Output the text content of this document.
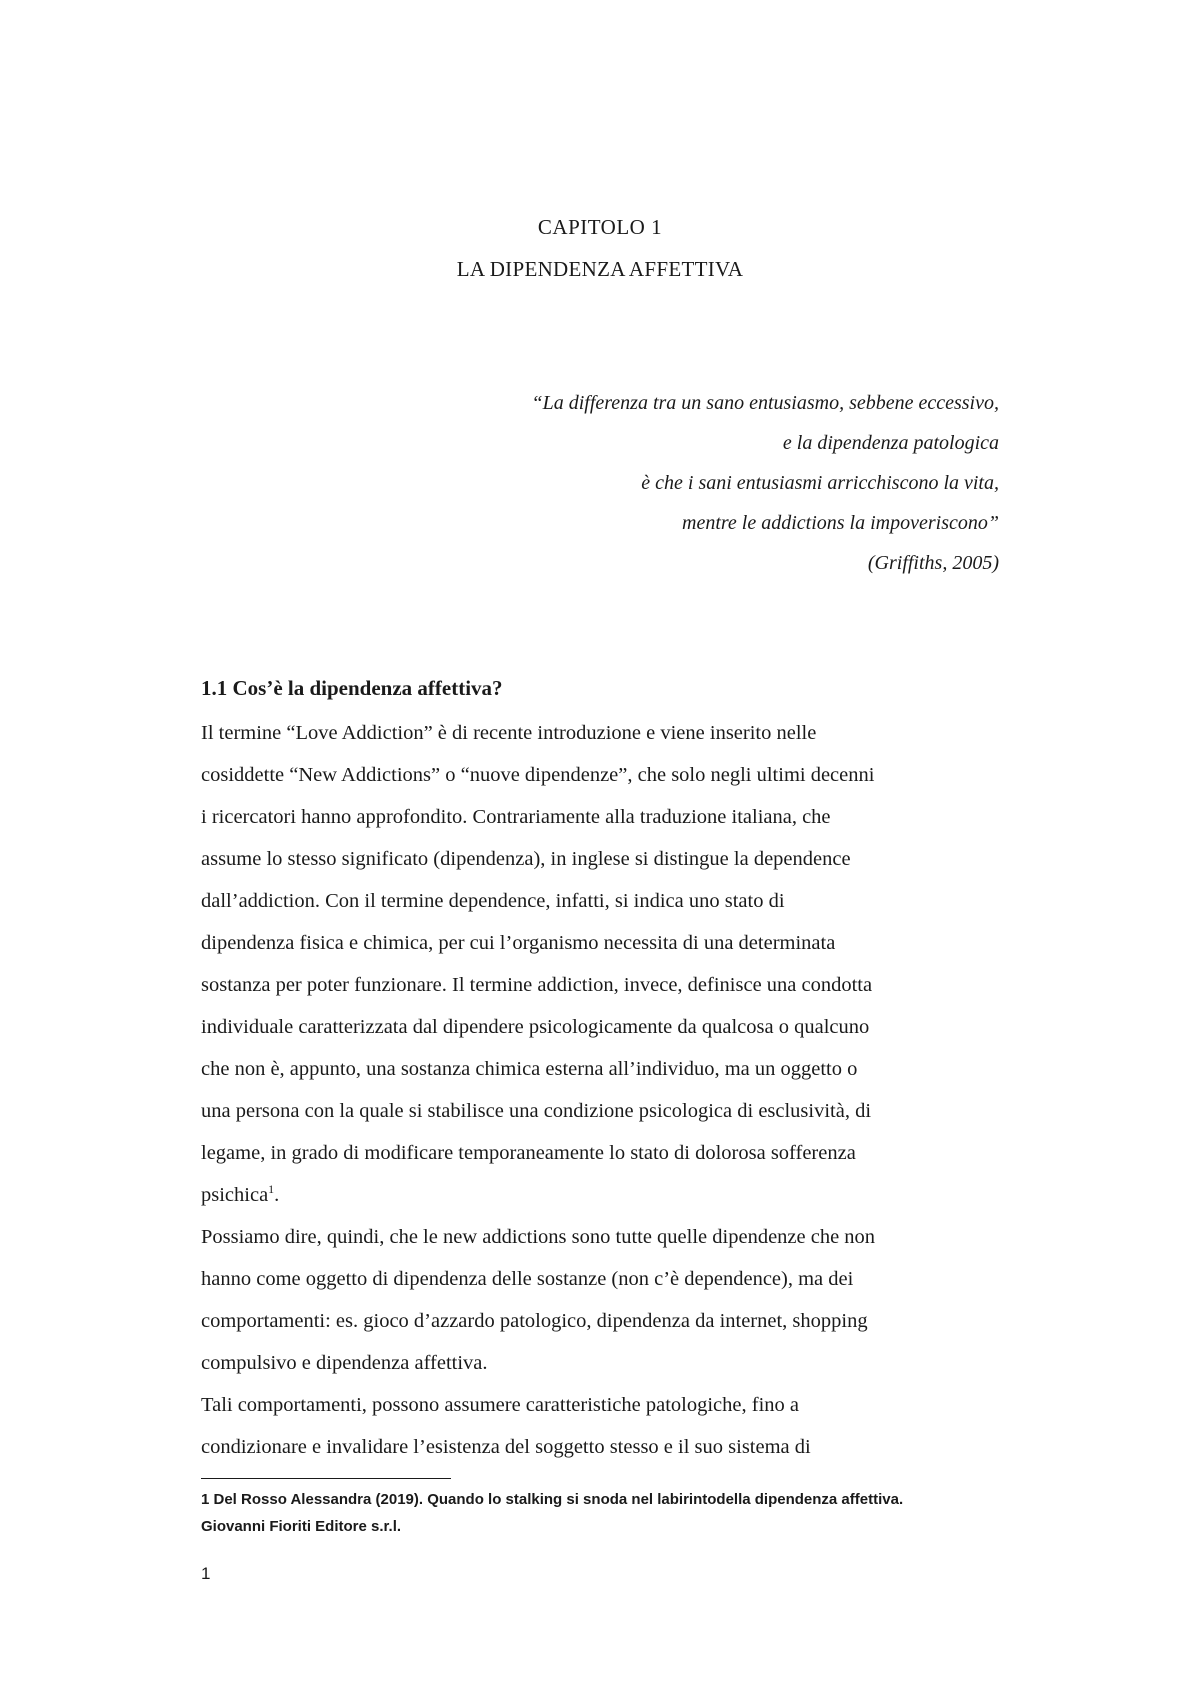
CAPITOLO 1
LA DIPENDENZA AFFETTIVA
“La differenza tra un sano entusiasmo, sebbene eccessivo,
e la dipendenza patologica
è che i sani entusiasmi arricchiscono la vita,
mentre le addictions la impoveriscono”
(Griffiths, 2005)
1.1 Cos’è la dipendenza affettiva?
Il termine “Love Addiction” è di recente introduzione e viene inserito nelle
cosiddette “New Addictions” o “nuove dipendenze”, che solo negli ultimi decenni
i ricercatori hanno approfondito. Contrariamente alla traduzione italiana, che
assume lo stesso significato (dipendenza), in inglese si distingue la dependence
dall’addiction. Con il termine dependence, infatti, si indica uno stato di
dipendenza fisica e chimica, per cui l’organismo necessita di una determinata
sostanza per poter funzionare. Il termine addiction, invece, definisce una condotta
individuale caratterizzata dal dipendere psicologicamente da qualcosa o qualcuno
che non è, appunto, una sostanza chimica esterna all’individuo, ma un oggetto o
una persona con la quale si stabilisce una condizione psicologica di esclusività, di
legame, in grado di modificare temporaneamente lo stato di dolorosa sofferenza
psichica$^1$.
Possiamo dire, quindi, che le new addictions sono tutte quelle dipendenze che non
hanno come oggetto di dipendenza delle sostanze (non c’è dependence), ma dei
comportamenti: es. gioco d’azzardo patologico, dipendenza da internet, shopping
compulsivo e dipendenza affettiva.
Tali comportamenti, possono assumere caratteristiche patologiche, fino a
condizionare e invalidare l’esistenza del soggetto stesso e il suo sistema di
1 Del Rosso Alessandra (2019). Quando lo stalking si snoda nel labirintodella dipendenza affettiva.
Giovanni Fioriti Editore s.r.l.
1
